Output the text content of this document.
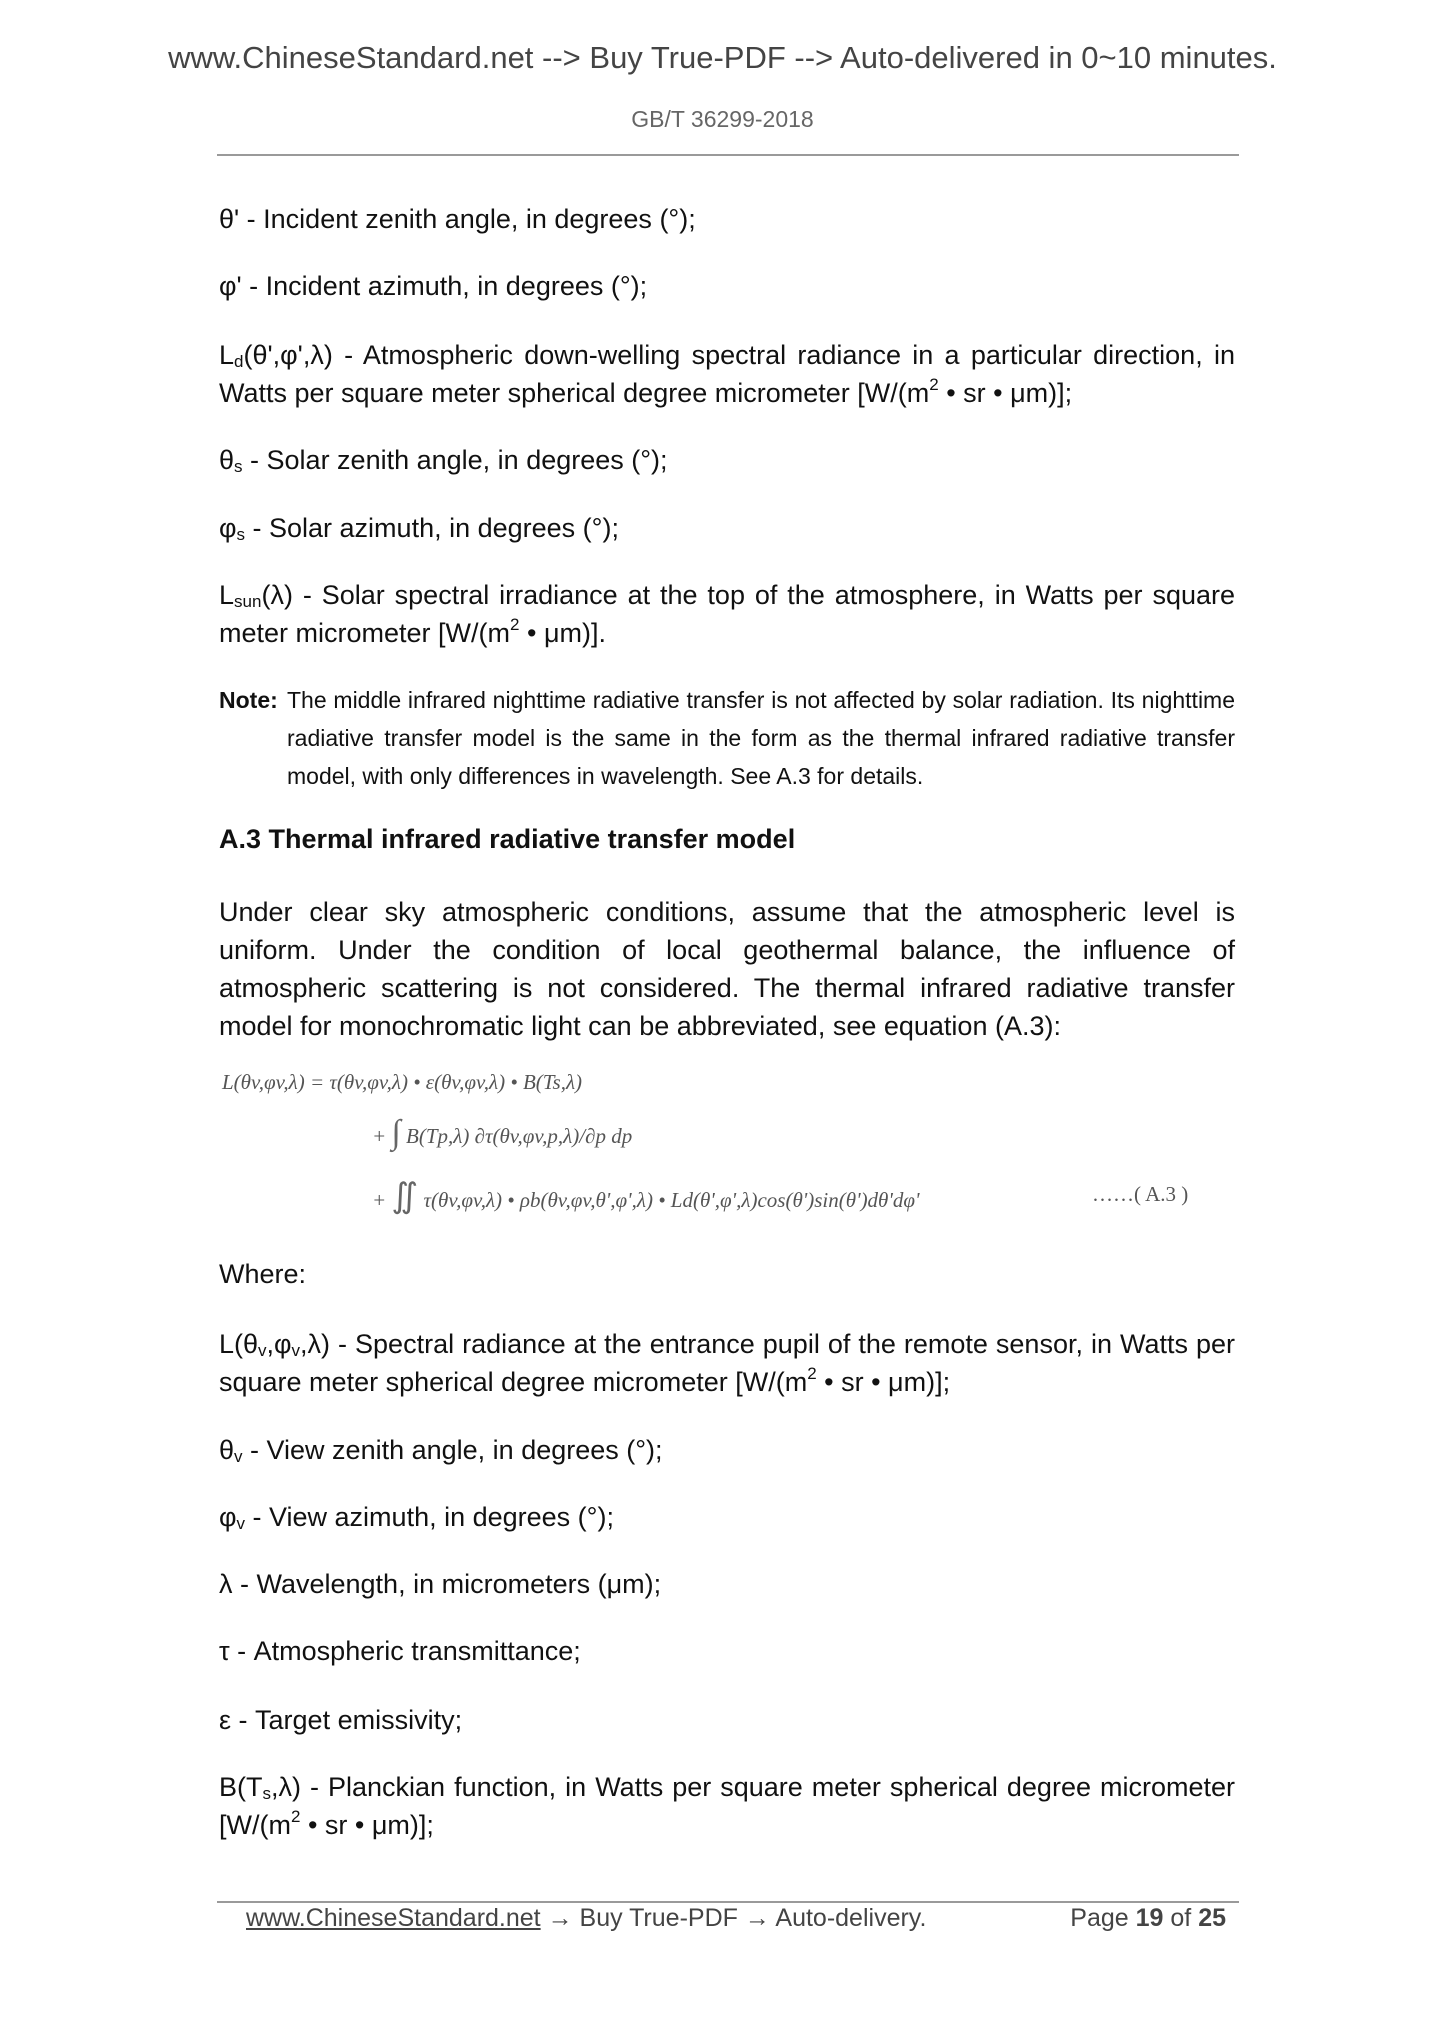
www.ChineseStandard.net --> Buy True-PDF --> Auto-delivered in 0~10 minutes.
GB/T 36299-2018
θ' - Incident zenith angle, in degrees (°);
φ' - Incident azimuth, in degrees (°);
$L_d(\theta',\varphi',\lambda)$ - Atmospheric down-welling spectral radiance in a particular direction, in Watts per square meter spherical degree micrometer [$W/(m^2$ • sr • μm)];
$\theta_s$ - Solar zenith angle, in degrees (°);
$\varphi_s$ - Solar azimuth, in degrees (°);
$L_{sun}(\lambda)$ - Solar spectral irradiance at the top of the atmosphere, in Watts per square meter micrometer [$W/(m^2$ • μm)].
Note: The middle infrared nighttime radiative transfer is not affected by solar radiation. Its nighttime radiative transfer model is the same in the form as the thermal infrared radiative transfer model, with only differences in wavelength. See A.3 for details.
A.3 Thermal infrared radiative transfer model
Under clear sky atmospheric conditions, assume that the atmospheric level is uniform. Under the condition of local geothermal balance, the influence of atmospheric scattering is not considered. The thermal infrared radiative transfer model for monochromatic light can be abbreviated, see equation (A.3):
L(θv,φv,λ) = τ(θv,φv,λ) • ε(θv,φv,λ) • B(Ts,λ)
+ ∫ B(Tp,λ) ∂τ(θv,φv,p,λ)/∂p dp
+ ∬ τ(θv,φv,λ) • ρb(θv,φv,θ',φ',λ) • Ld(θ',φ',λ)cos(θ')sin(θ')dθ'dφ'	……( A.3 )
Where:
$L(\theta_v,\varphi_v,\lambda)$ - Spectral radiance at the entrance pupil of the remote sensor, in Watts per square meter spherical degree micrometer [$W/(m^2$ • sr • μm)];
$\theta_v$ - View zenith angle, in degrees (°);
$\varphi_v$ - View azimuth, in degrees (°);
λ - Wavelength, in micrometers (μm);
τ - Atmospheric transmittance;
ε - Target emissivity;
$B(T_s,\lambda)$ - Planckian function, in Watts per square meter spherical degree micrometer [$W/(m^2$ • sr • μm)];
www.ChineseStandard.net → Buy True-PDF → Auto-delivery.	Page 19 of 25
